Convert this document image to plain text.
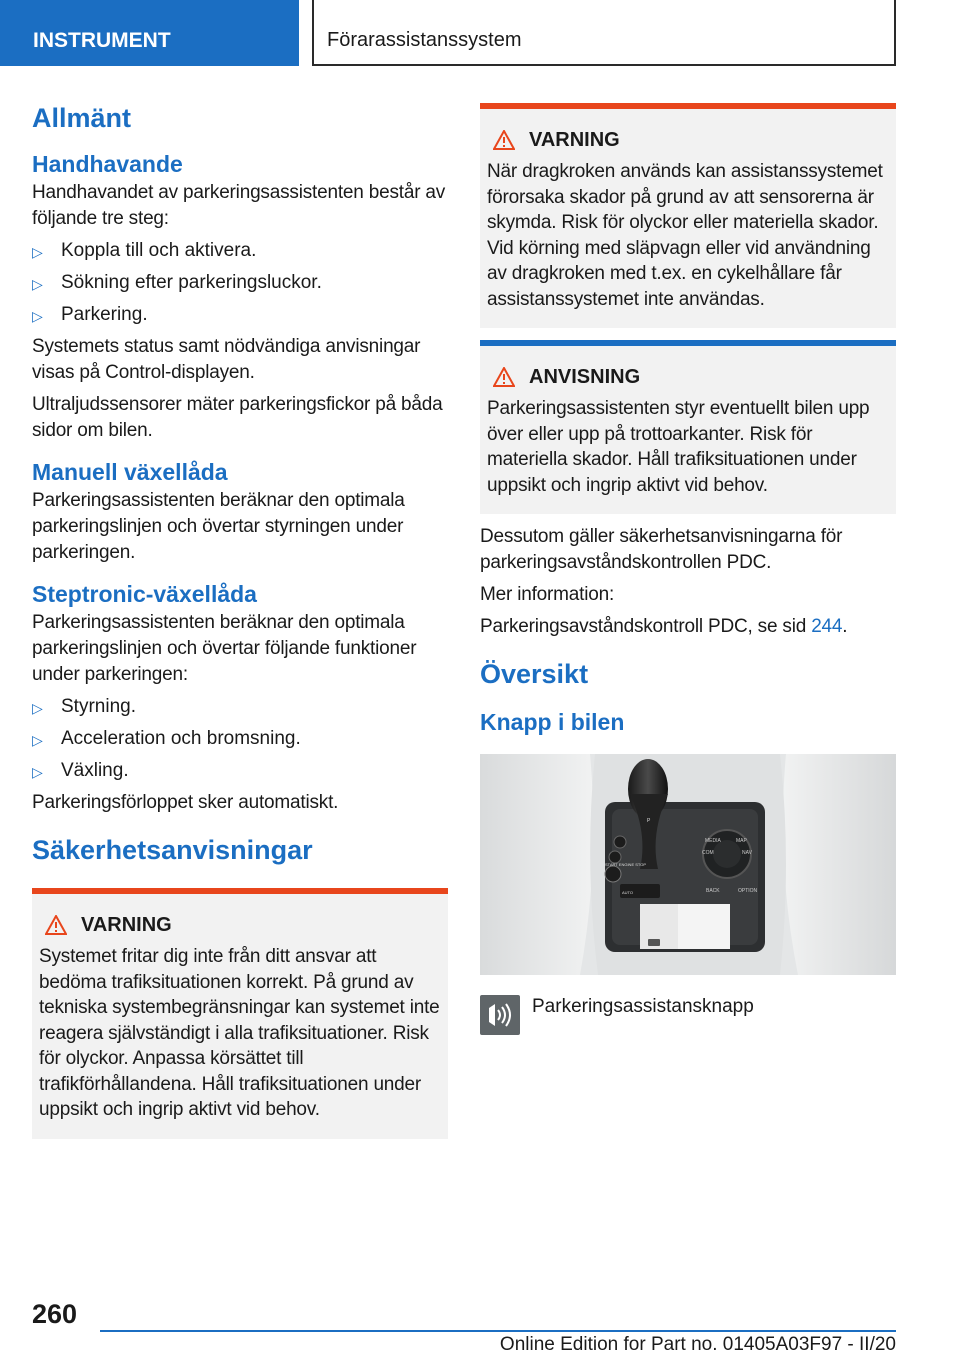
INSTRUMENT	Förarassistanssystem
Allmänt
Handhavande

Handhavandet av parkeringsassistenten består av följande tre steg:

▷ Koppla till och aktivera.
▷ Sökning efter parkeringsluckor.
▷ Parkering.

Systemets status samt nödvändiga anvisningar visas på Control-displayen.

Ultraljudssensorer mäter parkeringsfickor på båda sidor om bilen.

Manuell växellåda

Parkeringsassistenten beräknar den optimala parkeringslinjen och övertar styrningen under parkeringen.

Steptronic-växellåda

Parkeringsassistenten beräknar den optimala parkeringslinjen och övertar följande funktioner under parkeringen:

▷ Styrning.
▷ Acceleration och bromsning.
▷ Växling.

Parkeringsförloppet sker automatiskt.

Säkerhetsanvisningar
VARNING
Systemet fritar dig inte från ditt ansvar att bedöma trafiksituationen korrekt. På grund av tekniska systembegränsningar kan systemet inte reagera självständigt i alla trafiksituationer. Risk för olyckor. Anpassa körsättet till trafikförhållandena. Håll trafiksituationen under uppsikt och ingrip aktivt vid behov.
VARNING
När dragkroken används kan assistanssystemet förorsaka skador på grund av att sensorerna är skymda. Risk för olyckor eller materiella skador. Vid körning med släpvagn eller vid användning av dragkroken med t.ex. en cykelhållare får assistanssystemet inte användas.
ANVISNING
Parkeringsassistenten styr eventuellt bilen upp över eller upp på trottoarkanter. Risk för materiella skador. Håll trafiksituationen under uppsikt och ingrip aktivt vid behov.

Dessutom gäller säkerhetsanvisningarna för parkeringsavståndskontrollen PDC.

Mer information:

Parkeringsavståndskontroll PDC, se sid 244.

Översikt
Knapp i bilen
MEDIA	MAP
COM	NAV
BACK	OPTION
START ENGINE STOP
AUTO
P
Parkeringsassistansknapp
260
Online Edition for Part no. 01405A03F97 - II/20
